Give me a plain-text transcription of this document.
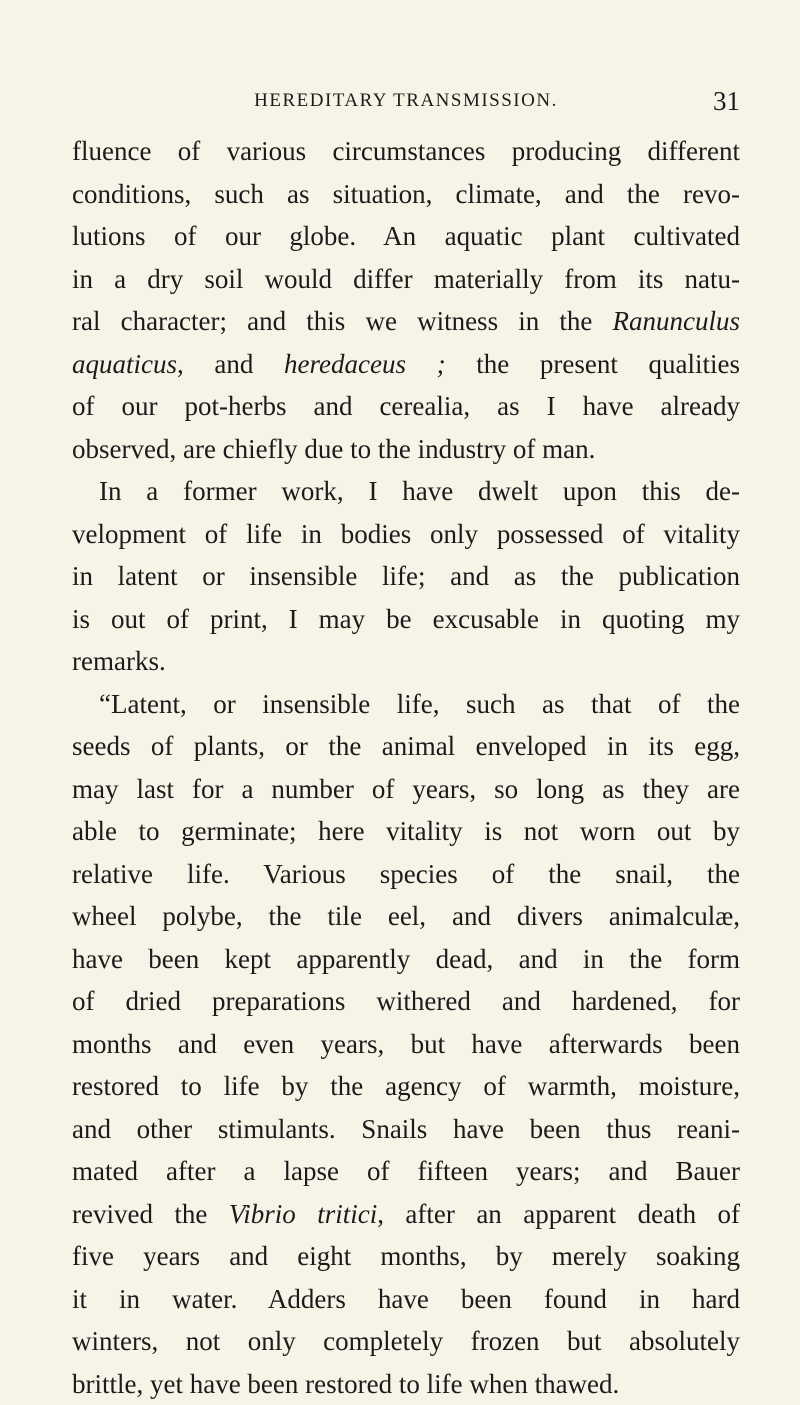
HEREDITARY TRANSMISSION.	31
fluence of various circumstances producing different
conditions, such as situation, climate, and the revo-
lutions of our globe. An aquatic plant cultivated
in a dry soil would differ materially from its natu-
ral character; and this we witness in the Ranunculus
aquaticus, and heredaceus ; the present qualities
of our pot-herbs and cerealia, as I have already
observed, are chiefly due to the industry of man.
In a former work, I have dwelt upon this de-
velopment of life in bodies only possessed of vitality
in latent or insensible life; and as the publication
is out of print, I may be excusable in quoting my
remarks.
“Latent, or insensible life, such as that of the
seeds of plants, or the animal enveloped in its egg,
may last for a number of years, so long as they are
able to germinate; here vitality is not worn out by
relative life. Various species of the snail, the
wheel polybe, the tile eel, and divers animalculæ,
have been kept apparently dead, and in the form
of dried preparations withered and hardened, for
months and even years, but have afterwards been
restored to life by the agency of warmth, moisture,
and other stimulants. Snails have been thus reani-
mated after a lapse of fifteen years; and Bauer
revived the Vibrio tritici, after an apparent death of
five years and eight months, by merely soaking
it in water. Adders have been found in hard
winters, not only completely frozen but absolutely
brittle, yet have been restored to life when thawed.
